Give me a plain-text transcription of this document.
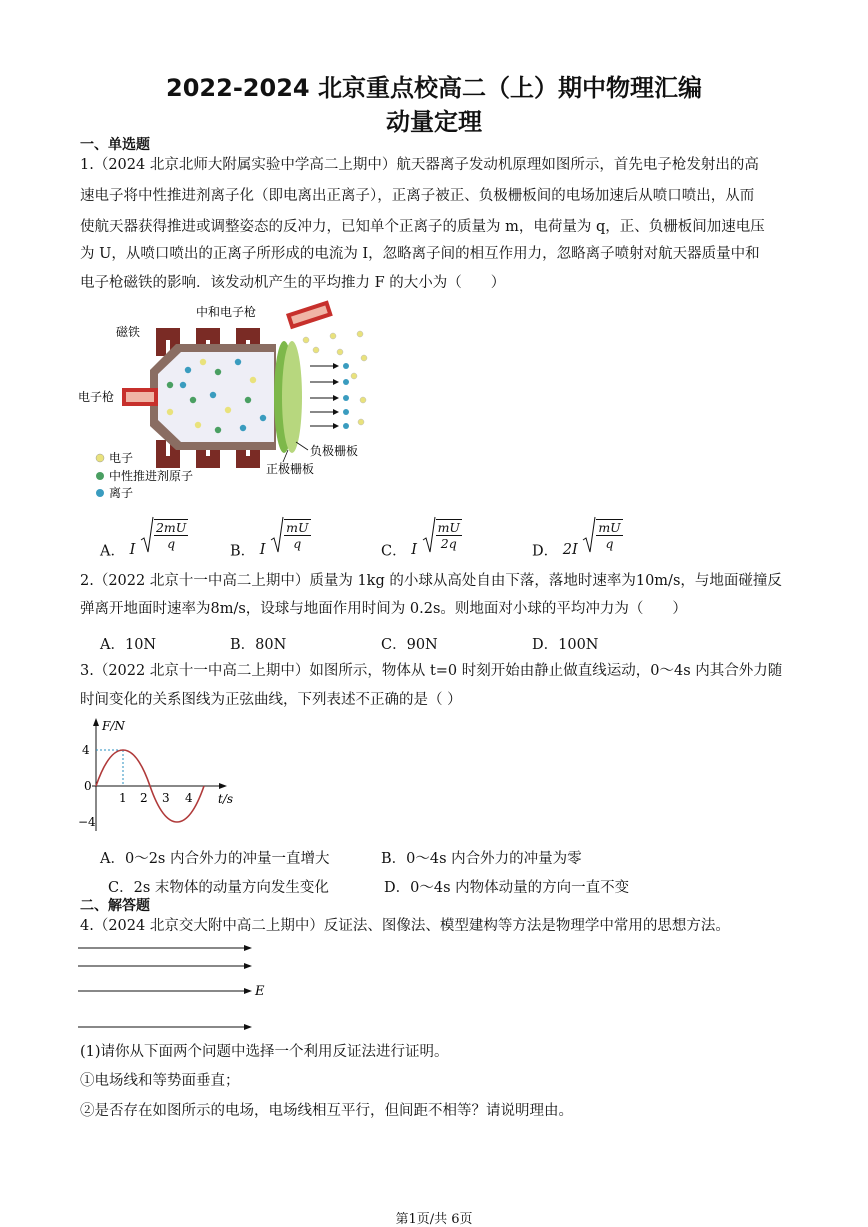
2022-2024 北京重点校高二（上）期中物理汇编
动量定理
一、单选题
1.（2024 北京北师大附属实验中学高二上期中）航天器离子发动机原理如图所示，首先电子枪发射出的高
速电子将中性推进剂离子化（即电离出正离子），正离子被正、负极栅板间的电场加速后从喷口喷出，从而
使航天器获得推进或调整姿态的反冲力，已知单个正离子的质量为 m，电荷量为 q，正、负栅板间加速电压
为 U，从喷口喷出的正离子所形成的电流为 I，忽略离子间的相互作用力，忽略离子喷射对航天器质量中和
电子枪磁铁的影响．该发动机产生的平均推力 F 的大小为（　　）
中和电子枪
磁铁
电子枪
负极栅板
正极栅板
电子
中性推进剂原子
离子
A． I $\frac{2mU}{q}$
B． I $\frac{mU}{q}$
C． I $\frac{mU}{2q}$
D． $2I \frac{mU}{q}$
2.（2022 北京十一中高二上期中）质量为 1kg 的小球从高处自由下落，落地时速率为10m/s，与地面碰撞反
弹离开地面时速率为8m/s，设球与地面作用时间为 0.2s。则地面对小球的平均冲力为（　　）
A．10N	B．80N	C．90N	D．100N
3.（2022 北京十一中高二上期中）如图所示，物体从 t=0 时刻开始由静止做直线运动，0～4s 内其合外力随
时间变化的关系图线为正弦曲线，下列表述不正确的是（ ）
F/N
t/s
4
0
−4
1 2 3 4
A．0～2s 内合外力的冲量一直增大	B．0～4s 内合外力的冲量为零
C．2s 末物体的动量方向发生变化	D．0～4s 内物体动量的方向一直不变
二、解答题
4.（2024 北京交大附中高二上期中）反证法、图像法、模型建构等方法是物理学中常用的思想方法。
E
(1)请你从下面两个问题中选择一个利用反证法进行证明。
①电场线和等势面垂直；
②是否存在如图所示的电场，电场线相互平行，但间距不相等？请说明理由。
第1页/共 6页
